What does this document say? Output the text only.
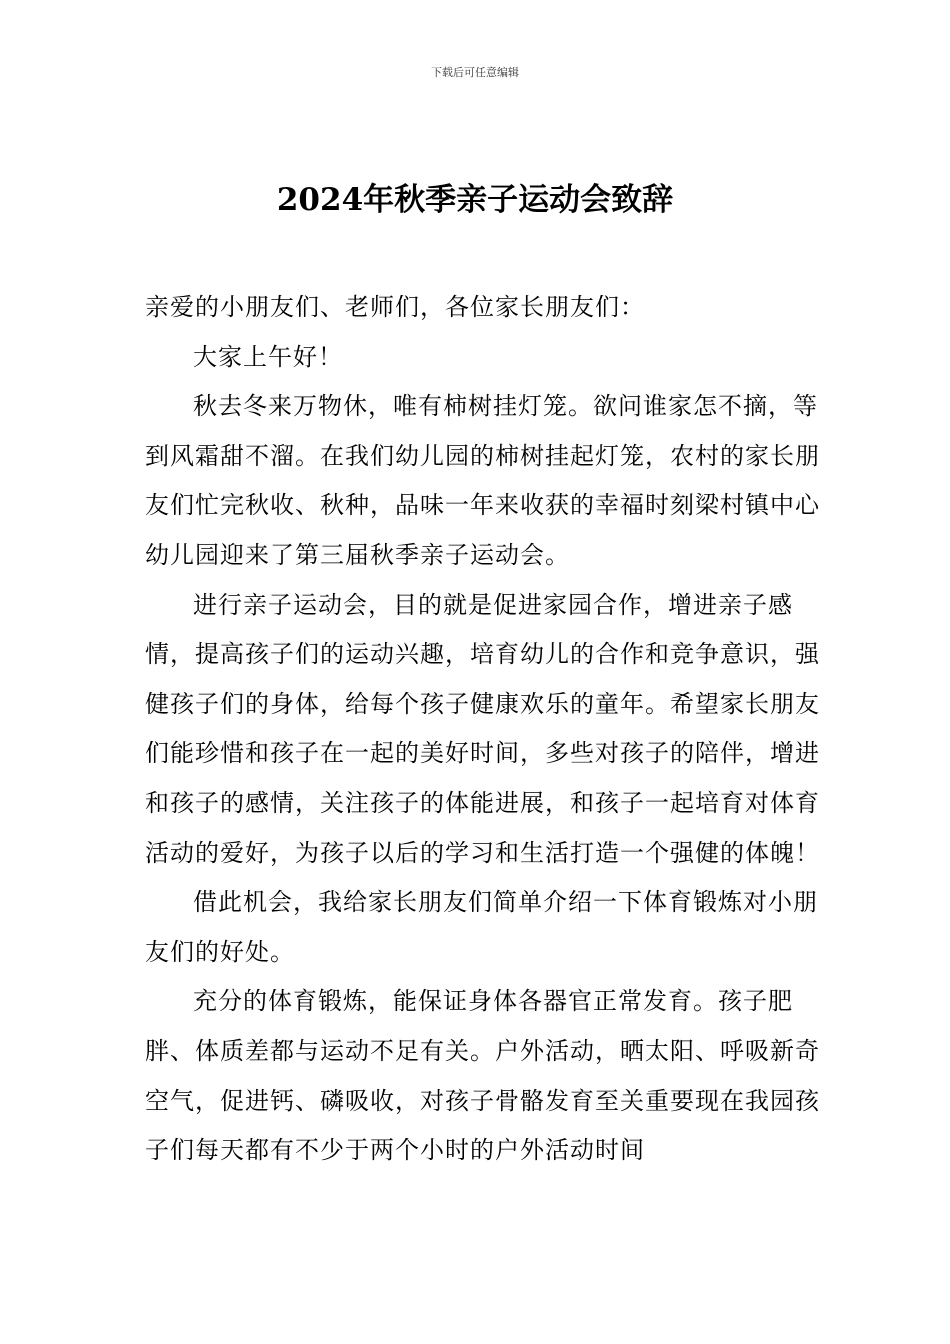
下载后可任意编辑
2024年秋季亲子运动会致辞

亲爱的小朋友们、老师们，各位家长朋友们：

大家上午好！

秋去冬来万物休，唯有柿树挂灯笼。欲问谁家怎不摘，等到风霜甜不溜。在我们幼儿园的柿树挂起灯笼，农村的家长朋友们忙完秋收、秋种，品味一年来收获的幸福时刻梁村镇中心幼儿园迎来了第三届秋季亲子运动会。

进行亲子运动会，目的就是促进家园合作，增进亲子感情，提高孩子们的运动兴趣，培育幼儿的合作和竞争意识，强健孩子们的身体，给每个孩子健康欢乐的童年。希望家长朋友们能珍惜和孩子在一起的美好时间，多些对孩子的陪伴，增进和孩子的感情，关注孩子的体能进展，和孩子一起培育对体育活动的爱好，为孩子以后的学习和生活打造一个强健的体魄！

借此机会，我给家长朋友们简单介绍一下体育锻炼对小朋友们的好处。

充分的体育锻炼，能保证身体各器官正常发育。孩子肥胖、体质差都与运动不足有关。户外活动，晒太阳、呼吸新奇空气，促进钙、磷吸收，对孩子骨骼发育至关重要现在我园孩子们每天都有不少于两个小时的户外活动时间
